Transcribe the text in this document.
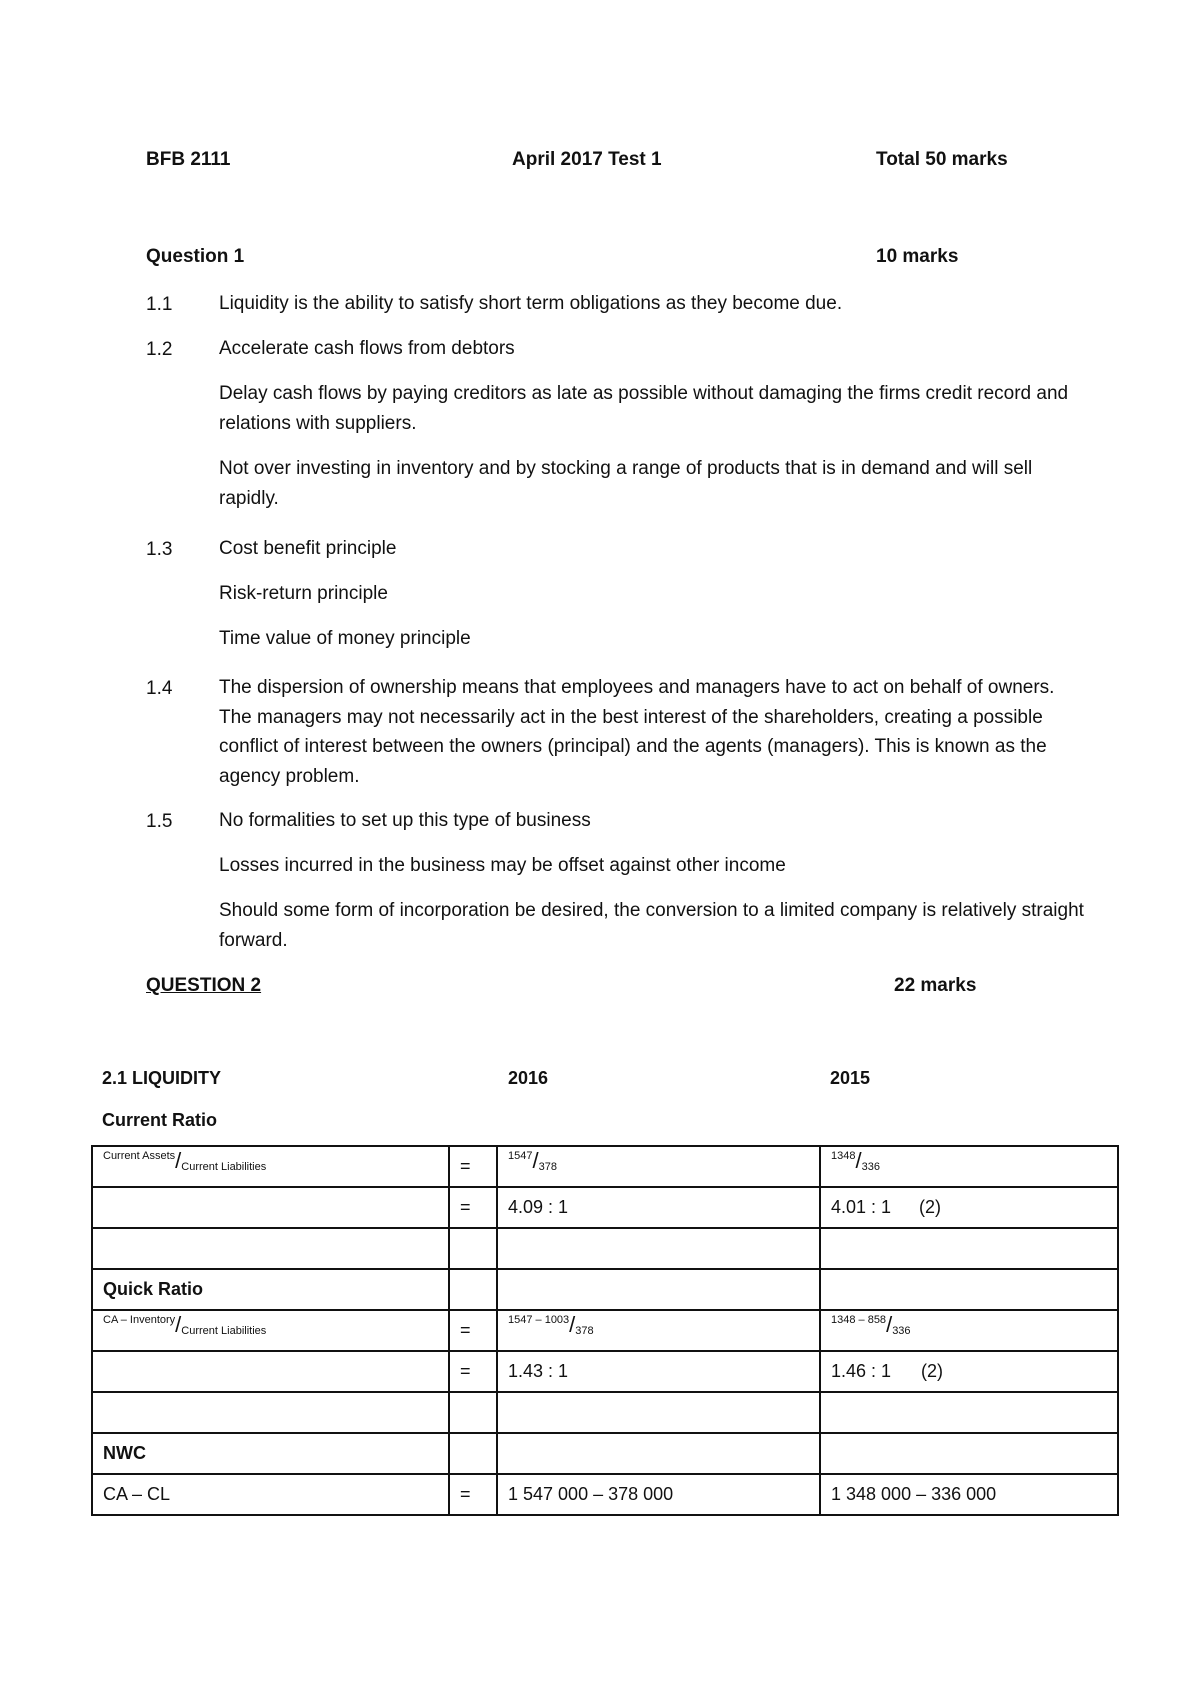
BFB 2111	April 2017 Test 1	Total 50 marks
Question 1	10 marks
1.1 Liquidity is the ability to satisfy short term obligations as they become due.
1.2 Accelerate cash flows from debtors
Delay cash flows by paying creditors as late as possible without damaging the firms credit record and relations with suppliers.
Not over investing in inventory and by stocking a range of products that is in demand and will sell rapidly.
1.3 Cost benefit principle
Risk-return principle
Time value of money principle
1.4 The dispersion of ownership means that employees and managers have to act on behalf of owners. The managers may not necessarily act in the best interest of the shareholders, creating a possible conflict of interest between the owners (principal) and the agents (managers). This is known as the agency problem.
1.5 No formalities to set up this type of business
Losses incurred in the business may be offset against other income
Should some form of incorporation be desired, the conversion to a limited company is relatively straight forward.
QUESTION 2	22 marks
2.1 LIQUIDITY	2016	2015
Current Ratio
Current Assets/Current Liabilities	=	1547/378	1348/336
	=	4.09 : 1	4.01 : 1 (2)

Quick Ratio			
CA – Inventory/Current Liabilities	=	1547 – 1003/378	1348 – 858/336
	=	1.43 : 1	1.46 : 1 (2)

NWC			
CA – CL	=	1 547 000 – 378 000	1 348 000 – 336 000
